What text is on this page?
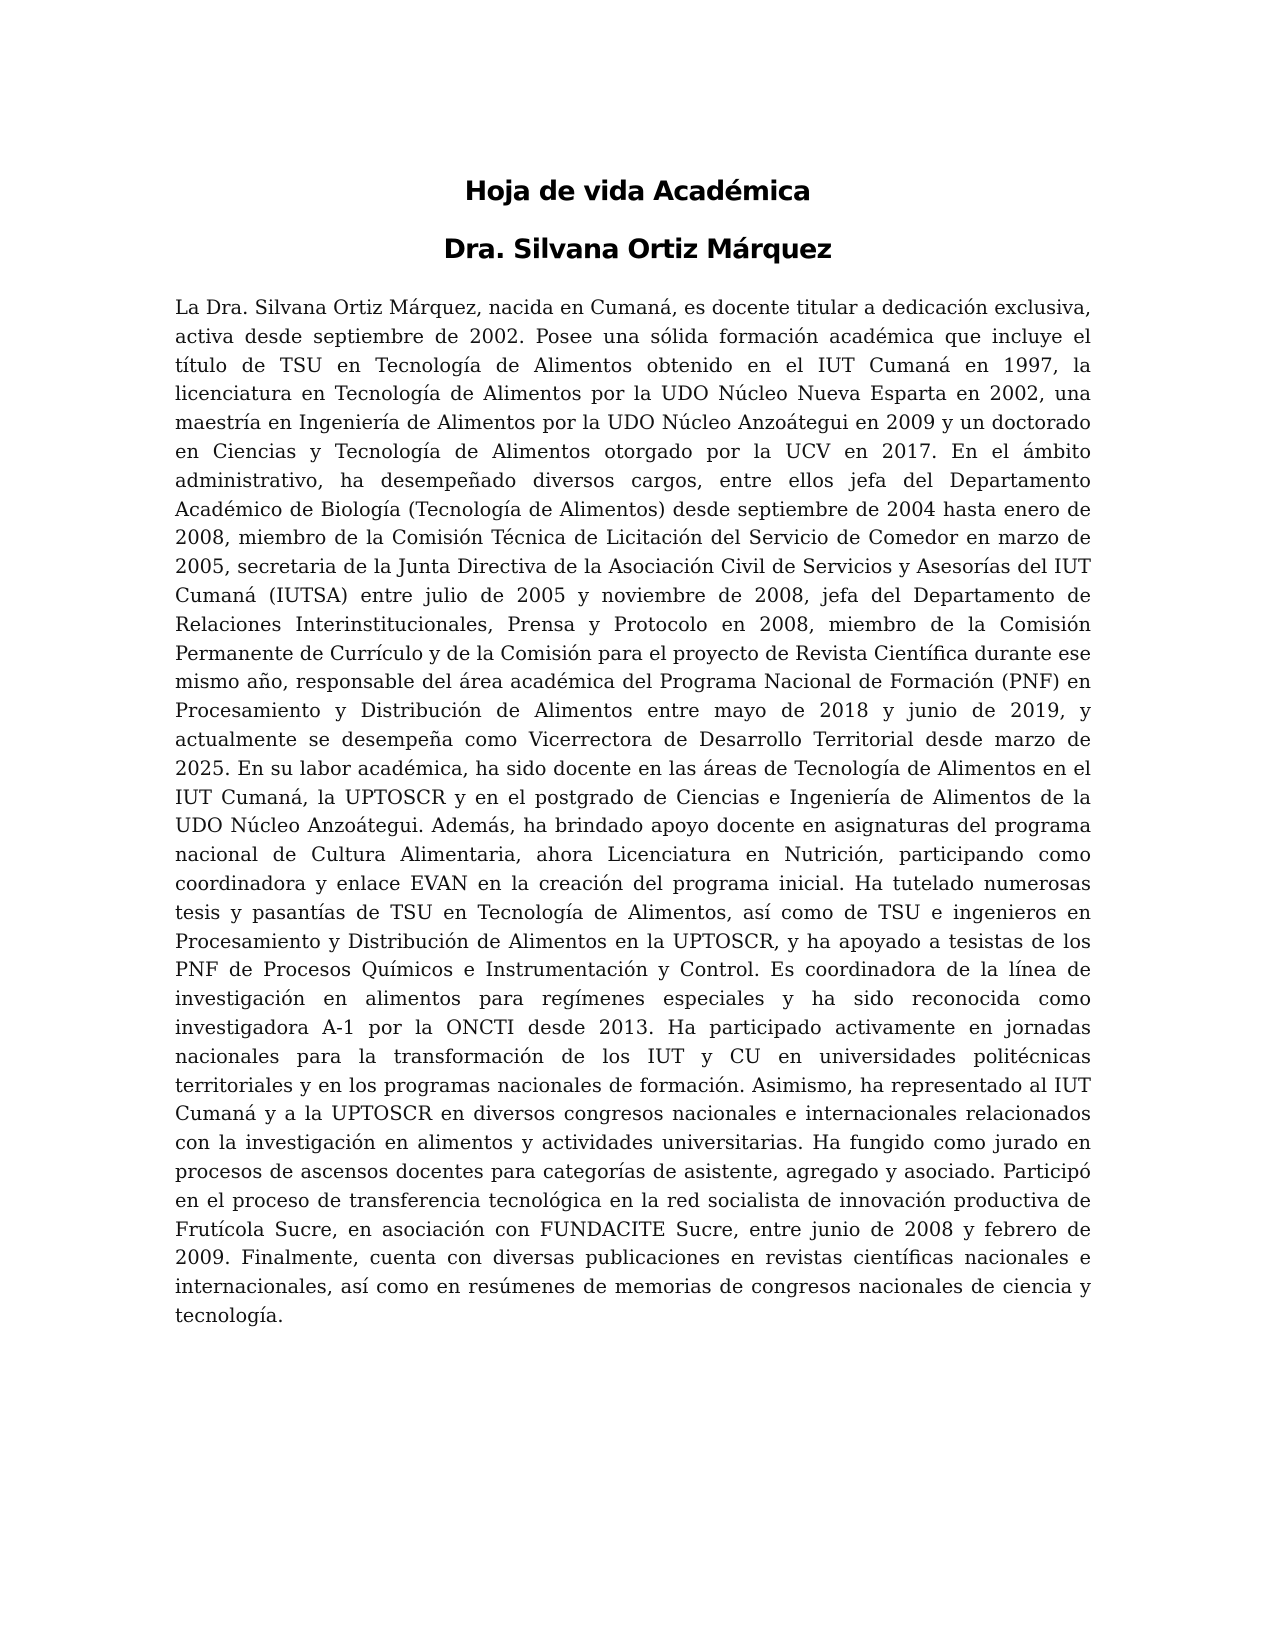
Hoja de vida Académica
Dra. Silvana Ortiz Márquez

La Dra. Silvana Ortiz Márquez, nacida en Cumaná, es docente titular a dedicación exclusiva, activa desde septiembre de 2002. Posee una sólida formación académica que incluye el título de TSU en Tecnología de Alimentos obtenido en el IUT Cumaná en 1997, la licenciatura en Tecnología de Alimentos por la UDO Núcleo Nueva Esparta en 2002, una maestría en Ingeniería de Alimentos por la UDO Núcleo Anzoátegui en 2009 y un doctorado en Ciencias y Tecnología de Alimentos otorgado por la UCV en 2017. En el ámbito administrativo, ha desempeñado diversos cargos, entre ellos jefa del Departamento Académico de Biología (Tecnología de Alimentos) desde septiembre de 2004 hasta enero de 2008, miembro de la Comisión Técnica de Licitación del Servicio de Comedor en marzo de 2005, secretaria de la Junta Directiva de la Asociación Civil de Servicios y Asesorías del IUT Cumaná (IUTSA) entre julio de 2005 y noviembre de 2008, jefa del Departamento de Relaciones Interinstitucionales, Prensa y Protocolo en 2008, miembro de la Comisión Permanente de Currículo y de la Comisión para el proyecto de Revista Científica durante ese mismo año, responsable del área académica del Programa Nacional de Formación (PNF) en Procesamiento y Distribución de Alimentos entre mayo de 2018 y junio de 2019, y actualmente se desempeña como Vicerrectora de Desarrollo Territorial desde marzo de 2025. En su labor académica, ha sido docente en las áreas de Tecnología de Alimentos en el IUT Cumaná, la UPTOSCR y en el postgrado de Ciencias e Ingeniería de Alimentos de la UDO Núcleo Anzoátegui. Además, ha brindado apoyo docente en asignaturas del programa nacional de Cultura Alimentaria, ahora Licenciatura en Nutrición, participando como coordinadora y enlace EVAN en la creación del programa inicial. Ha tutelado numerosas tesis y pasantías de TSU en Tecnología de Alimentos, así como de TSU e ingenieros en Procesamiento y Distribución de Alimentos en la UPTOSCR, y ha apoyado a tesistas de los PNF de Procesos Químicos e Instrumentación y Control. Es coordinadora de la línea de investigación en alimentos para regímenes especiales y ha sido reconocida como investigadora A-1 por la ONCTI desde 2013. Ha participado activamente en jornadas nacionales para la transformación de los IUT y CU en universidades politécnicas territoriales y en los programas nacionales de formación. Asimismo, ha representado al IUT Cumaná y a la UPTOSCR en diversos congresos nacionales e internacionales relacionados con la investigación en alimentos y actividades universitarias. Ha fungido como jurado en procesos de ascensos docentes para categorías de asistente, agregado y asociado. Participó en el proceso de transferencia tecnológica en la red socialista de innovación productiva de Frutícola Sucre, en asociación con FUNDACITE Sucre, entre junio de 2008 y febrero de 2009. Finalmente, cuenta con diversas publicaciones en revistas científicas nacionales e internacionales, así como en resúmenes de memorias de congresos nacionales de ciencia y tecnología.
